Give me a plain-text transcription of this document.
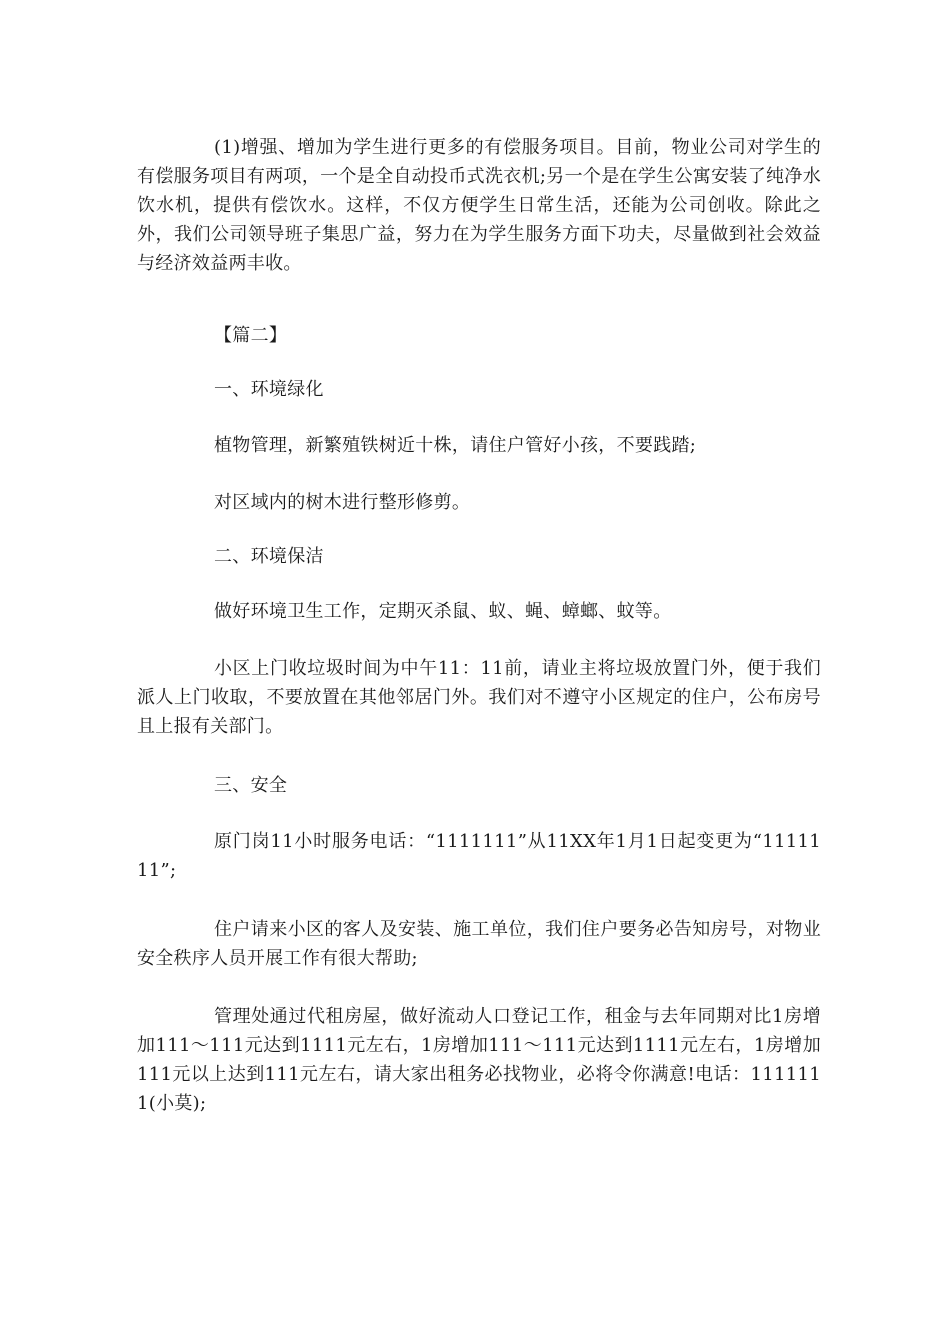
(1)增强、增加为学生进行更多的有偿服务项目。目前，物业公司对学生的有偿服务项目有两项，一个是全自动投币式洗衣机;另一个是在学生公寓安装了纯净水饮水机，提供有偿饮水。这样，不仅方便学生日常生活，还能为公司创收。除此之外，我们公司领导班子集思广益，努力在为学生服务方面下功夫，尽量做到社会效益与经济效益两丰收。

【篇二】

一、环境绿化

植物管理，新繁殖铁树近十株，请住户管好小孩，不要践踏;

对区域内的树木进行整形修剪。

二、环境保洁

做好环境卫生工作，定期灭杀鼠、蚁、蝇、蟑螂、蚊等。

小区上门收垃圾时间为中午11：11前，请业主将垃圾放置门外，便于我们派人上门收取，不要放置在其他邻居门外。我们对不遵守小区规定的住户，公布房号且上报有关部门。

三、安全

原门岗11小时服务电话：“1111111”从11XX年1月1日起变更为“1111111”;

住户请来小区的客人及安装、施工单位，我们住户要务必告知房号，对物业安全秩序人员开展工作有很大帮助;

管理处通过代租房屋，做好流动人口登记工作，租金与去年同期对比1房增加111～111元达到1111元左右，1房增加111～111元达到1111元左右，1房增加111元以上达到111元左右，请大家出租务必找物业，必将令你满意!电话：1111111(小莫);
